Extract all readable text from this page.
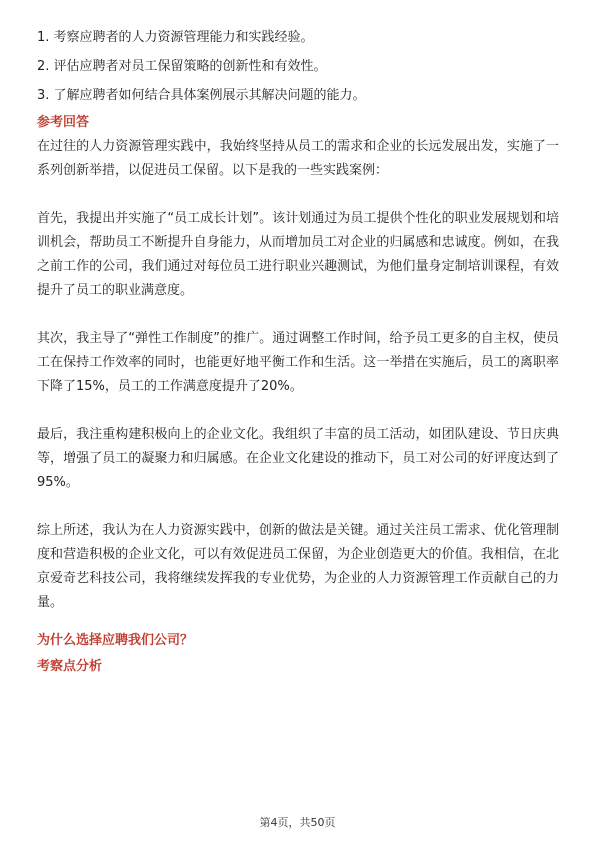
1. 考察应聘者的人力资源管理能力和实践经验。

2. 评估应聘者对员工保留策略的创新性和有效性。

3. 了解应聘者如何结合具体案例展示其解决问题的能力。

参考回答

在过往的人力资源管理实践中，我始终坚持从员工的需求和企业的长远发展出发，实施了一系列创新举措，以促进员工保留。以下是我的一些实践案例：

首先，我提出并实施了“员工成长计划”。该计划通过为员工提供个性化的职业发展规划和培训机会，帮助员工不断提升自身能力，从而增加员工对企业的归属感和忠诚度。例如，在我之前工作的公司，我们通过对每位员工进行职业兴趣测试，为他们量身定制培训课程，有效提升了员工的职业满意度。

其次，我主导了“弹性工作制度”的推广。通过调整工作时间，给予员工更多的自主权，使员工在保持工作效率的同时，也能更好地平衡工作和生活。这一举措在实施后，员工的离职率下降了15%，员工的工作满意度提升了20%。

最后，我注重构建积极向上的企业文化。我组织了丰富的员工活动，如团队建设、节日庆典等，增强了员工的凝聚力和归属感。在企业文化建设的推动下，员工对公司的好评度达到了95%。

综上所述，我认为在人力资源实践中，创新的做法是关键。通过关注员工需求、优化管理制度和营造积极的企业文化，可以有效促进员工保留，为企业创造更大的价值。我相信，在北京爱奇艺科技公司，我将继续发挥我的专业优势，为企业的人力资源管理工作贡献自己的力量。

为什么选择应聘我们公司？

考察点分析

第4页，共50页
